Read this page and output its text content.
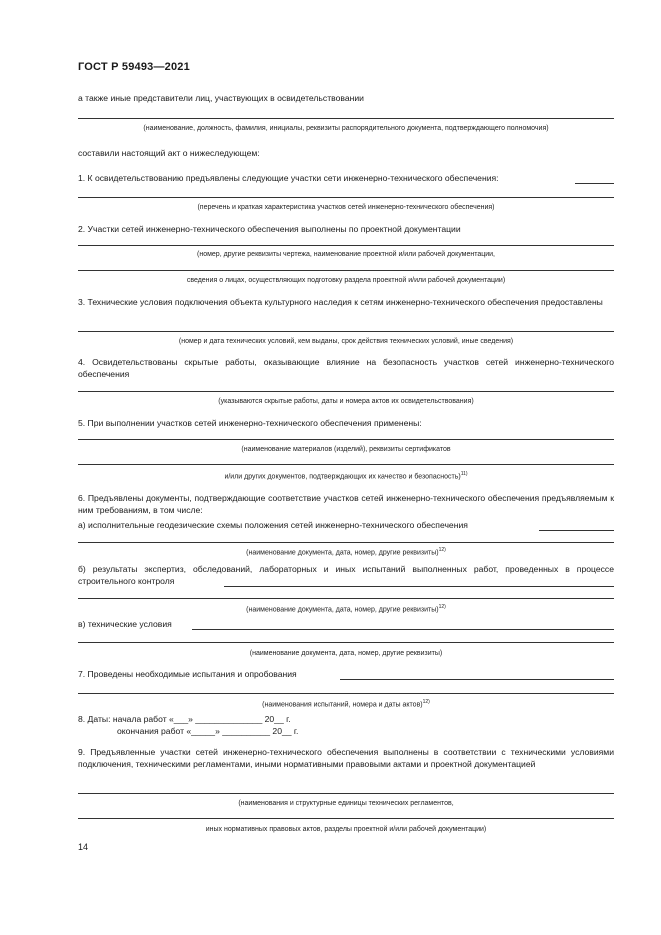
ГОСТ Р 59493—2021
а также иные представители лиц, участвующих в освидетельствовании
(наименование, должность, фамилия, инициалы, реквизиты распорядительного документа, подтверждающего полномочия)
составили настоящий акт о нижеследующем:
1. К освидетельствованию предъявлены следующие участки сети инженерно-технического обеспечения:
(перечень и краткая характеристика участков сетей инженерно-технического обеспечения)
2. Участки сетей инженерно-технического обеспечения выполнены по проектной документации
(номер, другие реквизиты чертежа, наименование проектной и/или рабочей документации,
сведения о лицах, осуществляющих подготовку раздела проектной и/или рабочей документации)
3. Технические условия подключения объекта культурного наследия к сетям инженерно-технического обеспечения предоставлены
(номер и дата технических условий, кем выданы, срок действия технических условий, иные сведения)
4. Освидетельствованы скрытые работы, оказывающие влияние на безопасность участков сетей инженерно-технического обеспечения
(указываются скрытые работы, даты и номера актов их освидетельствования)
5. При выполнении участков сетей инженерно-технического обеспечения применены:
(наименование материалов (изделий), реквизиты сертификатов
и/или других документов, подтверждающих их качество и безопасность)$^{11)}$
6. Предъявлены документы, подтверждающие соответствие участков сетей инженерно-технического обеспечения предъявляемым к ним требованиям, в том числе:
а) исполнительные геодезические схемы положения сетей инженерно-технического обеспечения
(наименование документа, дата, номер, другие реквизиты)$^{12)}$
б) результаты экспертиз, обследований, лабораторных и иных испытаний выполненных работ, проведенных в процессе строительного контроля
(наименование документа, дата, номер, другие реквизиты)$^{12)}$
в) технические условия
(наименование документа, дата, номер, другие реквизиты)
7. Проведены необходимые испытания и опробования
(наименования испытаний, номера и даты актов)$^{12)}$
8. Даты: начала работ «___» ______________ 20__ г.
окончания работ «_____» __________ 20__ г.
9. Предъявленные участки сетей инженерно-технического обеспечения выполнены в соответствии с техническими условиями подключения, техническими регламентами, иными нормативными правовыми актами и проектной документацией
(наименования и структурные единицы технических регламентов,
иных нормативных правовых актов, разделы проектной и/или рабочей документации)
14
